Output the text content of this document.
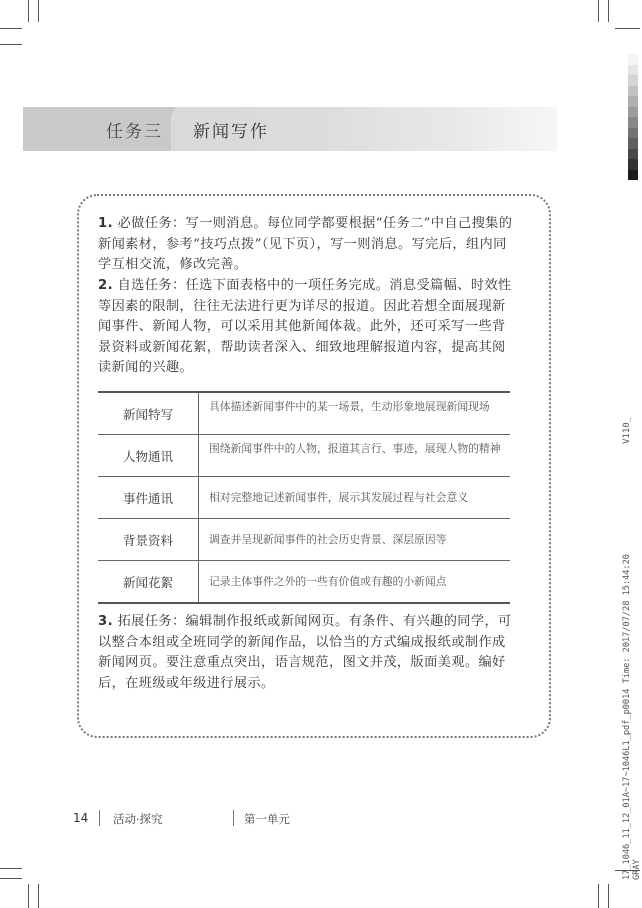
任务三 新闻写作
1. 必做任务：写一则消息。每位同学都要根据“任务二”中自己搜集的新闻素材，参考“技巧点拨”（见下页），写一则消息。写完后，组内同学互相交流，修改完善。
2. 自选任务：任选下面表格中的一项任务完成。消息受篇幅、时效性等因素的限制，往往无法进行更为详尽的报道。因此若想全面展现新闻事件、新闻人物，可以采用其他新闻体裁。此外，还可采写一些背景资料或新闻花絮，帮助读者深入、细致地理解报道内容，提高其阅读新闻的兴趣。
新闻特写	具体描述新闻事件中的某一场景，生动形象地展现新闻现场
人物通讯	围绕新闻事件中的人物，报道其言行、事迹，展现人物的精神
事件通讯	相对完整地记述新闻事件，展示其发展过程与社会意义
背景资料	调查并呈现新闻事件的社会历史背景、深层原因等
新闻花絮	记录主体事件之外的一些有价值或有趣的小新闻点
3. 拓展任务：编辑制作报纸或新闻网页。有条件、有兴趣的同学，可以整合本组或全班同学的新闻作品，以恰当的方式编成报纸或制作成新闻网页。要注意重点突出，语言规范，图文并茂，版面美观。编好后，在班级或年级进行展示。
14 活动·探究	第一单元
V110_
17_1046_11_12_01A~17~1046L1_pdf_p0014 Time: 2017/07/28 15:44:20 GRAY
